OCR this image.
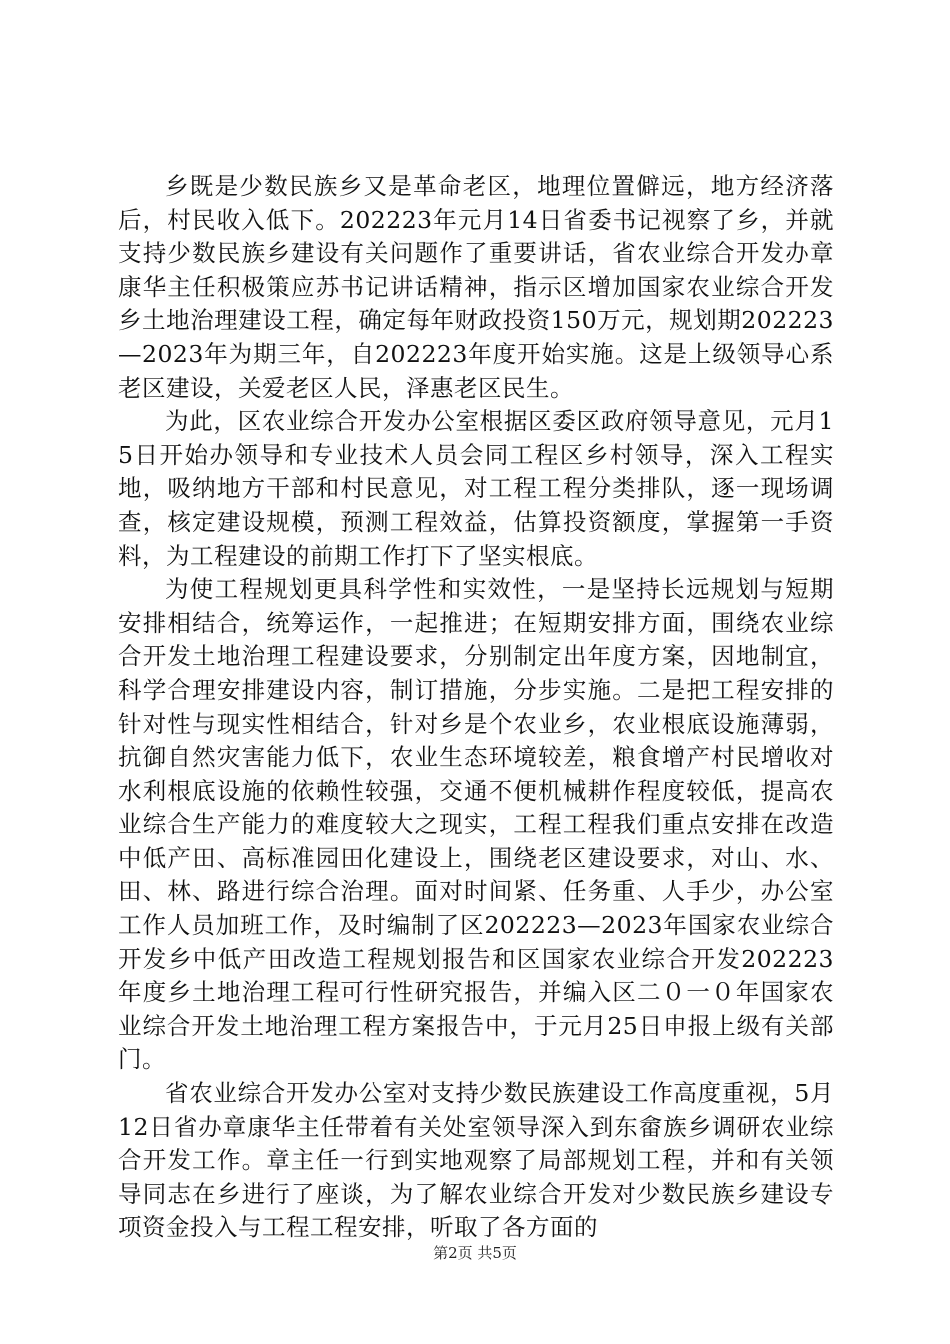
乡既是少数民族乡又是革命老区，地理位置僻远，地方经济落后，村民收入低下。202223年元月14日省委书记视察了乡，并就支持少数民族乡建设有关问题作了重要讲话，省农业综合开发办章康华主任积极策应苏书记讲话精神，指示区增加国家农业综合开发乡土地治理建设工程，确定每年财政投资150万元，规划期202223—2023年为期三年，自202223年度开始实施。这是上级领导心系老区建设，关爱老区人民，泽惠老区民生。

为此，区农业综合开发办公室根据区委区政府领导意见，元月15日开始办领导和专业技术人员会同工程区乡村领导，深入工程实地，吸纳地方干部和村民意见，对工程工程分类排队，逐一现场调查，核定建设规模，预测工程效益，估算投资额度，掌握第一手资料，为工程建设的前期工作打下了坚实根底。

为使工程规划更具科学性和实效性，一是坚持长远规划与短期安排相结合，统筹运作，一起推进；在短期安排方面，围绕农业综合开发土地治理工程建设要求，分别制定出年度方案，因地制宜，科学合理安排建设内容，制订措施，分步实施。二是把工程安排的针对性与现实性相结合，针对乡是个农业乡，农业根底设施薄弱，抗御自然灾害能力低下，农业生态环境较差，粮食增产村民增收对水利根底设施的依赖性较强，交通不便机械耕作程度较低，提高农业综合生产能力的难度较大之现实，工程工程我们重点安排在改造中低产田、高标准园田化建设上，围绕老区建设要求，对山、水、田、林、路进行综合治理。面对时间紧、任务重、人手少，办公室工作人员加班工作，及时编制了区202223—2023年国家农业综合开发乡中低产田改造工程规划报告和区国家农业综合开发202223年度乡土地治理工程可行性研究报告，并编入区二０一０年国家农业综合开发土地治理工程方案报告中，于元月25日申报上级有关部门。

省农业综合开发办公室对支持少数民族建设工作高度重视，5月12日省办章康华主任带着有关处室领导深入到东畲族乡调研农业综合开发工作。章主任一行到实地观察了局部规划工程，并和有关领导同志在乡进行了座谈，为了解农业综合开发对少数民族乡建设专项资金投入与工程工程安排，听取了各方面的

第2页 共5页
